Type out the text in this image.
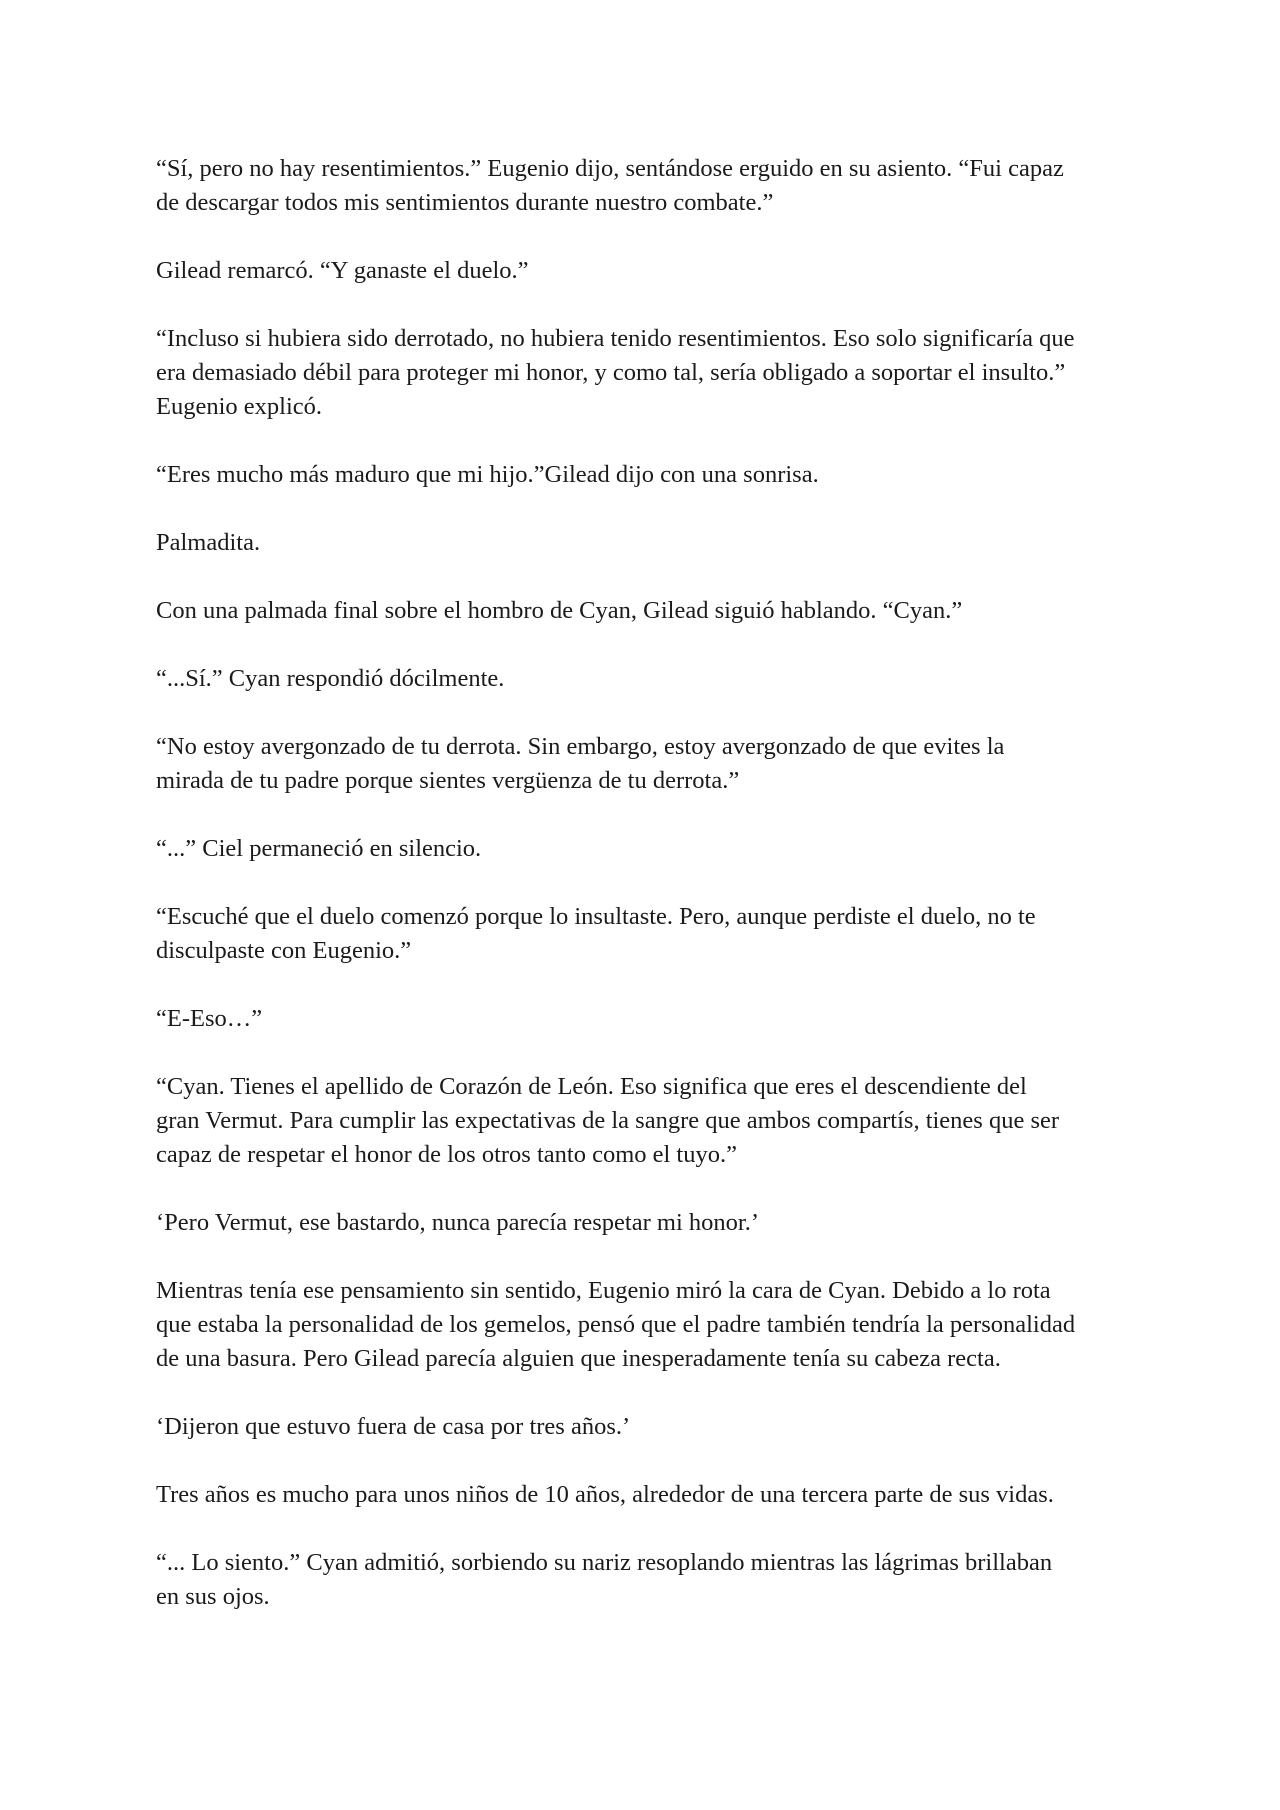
“Sí, pero no hay resentimientos.” Eugenio dijo, sentándose erguido en su asiento. “Fui capaz
de descargar todos mis sentimientos durante nuestro combate.”

Gilead remarcó. “Y ganaste el duelo.”

“Incluso si hubiera sido derrotado, no hubiera tenido resentimientos. Eso solo significaría que
era demasiado débil para proteger mi honor, y como tal, sería obligado a soportar el insulto.”
Eugenio explicó.

“Eres mucho más maduro que mi hijo.”Gilead dijo con una sonrisa.

Palmadita.

Con una palmada final sobre el hombro de Cyan, Gilead siguió hablando. “Cyan.”

“...Sí.” Cyan respondió dócilmente.

“No estoy avergonzado de tu derrota. Sin embargo, estoy avergonzado de que evites la
mirada de tu padre porque sientes vergüenza de tu derrota.”

“...” Ciel permaneció en silencio.

“Escuché que el duelo comenzó porque lo insultaste. Pero, aunque perdiste el duelo, no te
disculpaste con Eugenio.”

“E-Eso…”

“Cyan. Tienes el apellido de Corazón de León. Eso significa que eres el descendiente del
gran Vermut. Para cumplir las expectativas de la sangre que ambos compartís, tienes que ser
capaz de respetar el honor de los otros tanto como el tuyo.”

‘Pero Vermut, ese bastardo, nunca parecía respetar mi honor.’

Mientras tenía ese pensamiento sin sentido, Eugenio miró la cara de Cyan. Debido a lo rota
que estaba la personalidad de los gemelos, pensó que el padre también tendría la personalidad
de una basura. Pero Gilead parecía alguien que inesperadamente tenía su cabeza recta.

‘Dijeron que estuvo fuera de casa por tres años.’

Tres años es mucho para unos niños de 10 años, alrededor de una tercera parte de sus vidas.

“... Lo siento.” Cyan admitió, sorbiendo su nariz resoplando mientras las lágrimas brillaban
en sus ojos.
